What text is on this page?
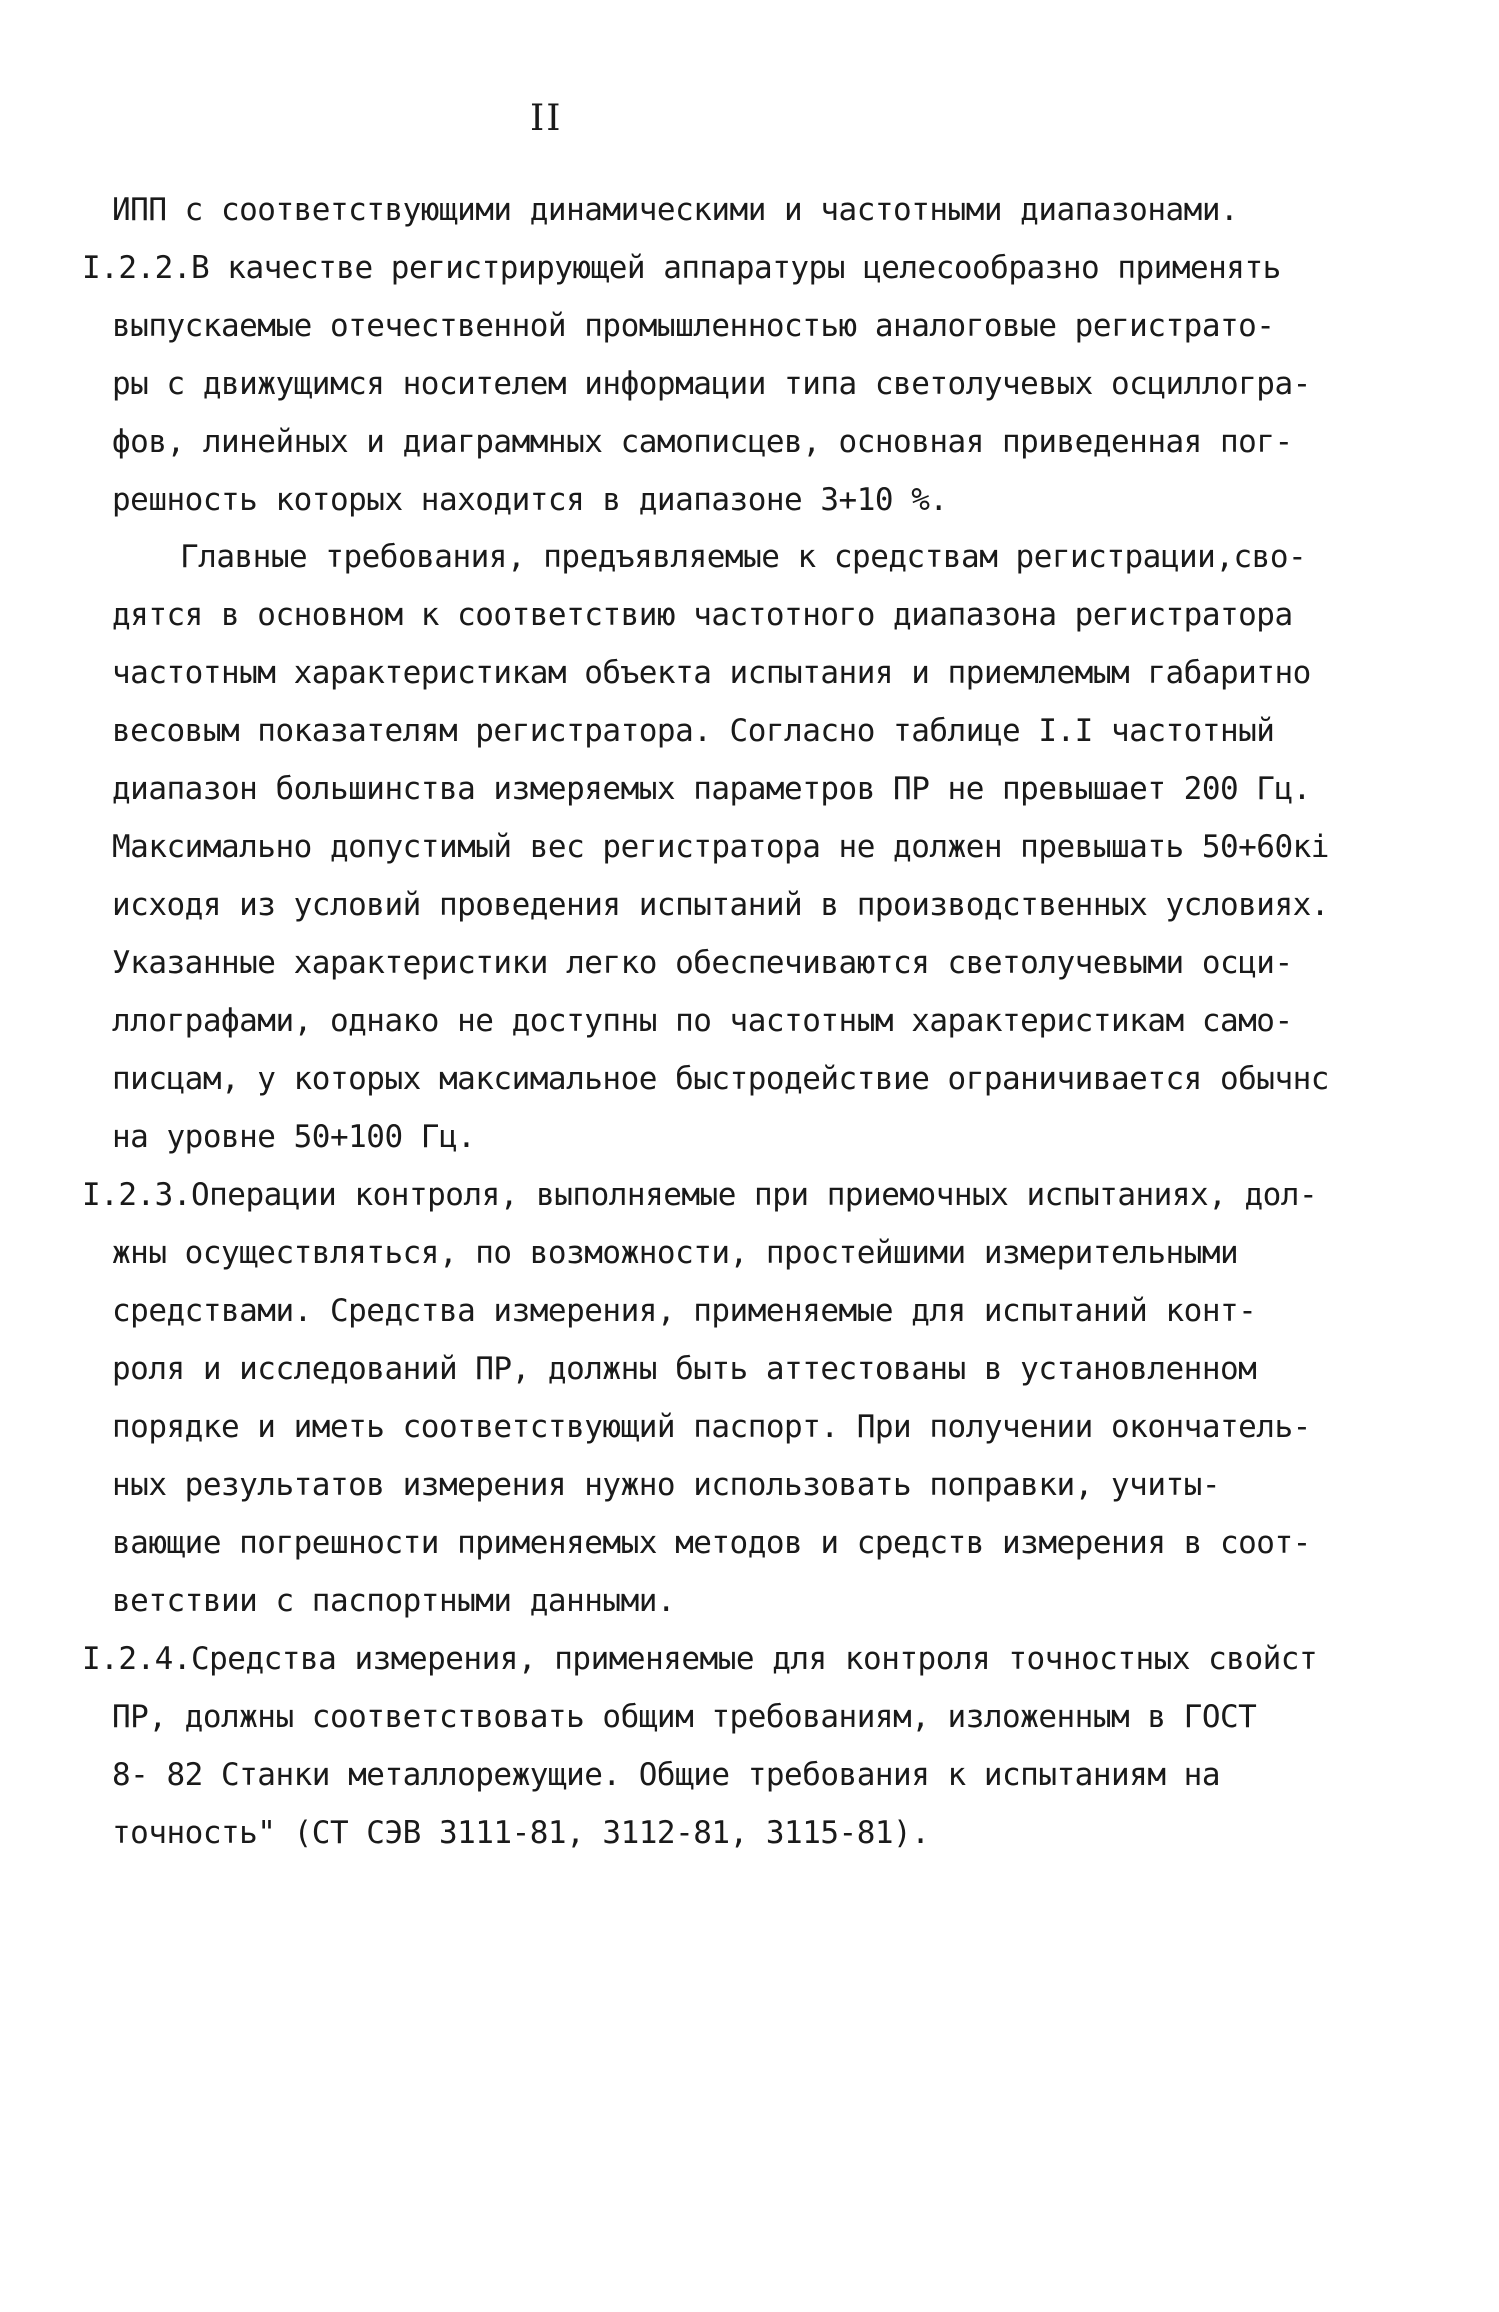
II
ИПП с соответствующими динамическими и частотными диапазонами.
I.2.2.В качестве регистрирующей аппаратуры целесообразно применять
выпускаемые отечественной промышленностью аналоговые регистрато-
ры с движущимся носителем информации типа светолучевых осциллогра-
фов, линейных и диаграммных самописцев, основная приведенная пог-
решность которых находится в диапазоне 3+10 %.
Главные требования, предъявляемые к средствам регистрации,сво-
дятся в основном к соответствию частотного диапазона регистратора
частотным характеристикам объекта испытания и приемлемым габаритно
весовым показателям регистратора. Согласно таблице I.I частотный
диапазон большинства измеряемых параметров ПР не превышает 200 Гц.
Максимально допустимый вес регистратора не должен превышать 50+60кі
исходя из условий проведения испытаний в производственных условиях.
Указанные характеристики легко обеспечиваются светолучевыми осци-
ллографами, однако не доступны по частотным характеристикам само-
писцам, у которых максимальное быстродействие ограничивается обычнс
на уровне 50+100 Гц.
I.2.3.Операции контроля, выполняемые при приемочных испытаниях, дол-
жны осуществляться, по возможности, простейшими измерительными
средствами. Средства измерения, применяемые для испытаний конт-
роля и исследований ПР, должны быть аттестованы в установленном
порядке и иметь соответствующий паспорт. При получении окончатель-
ных результатов измерения нужно использовать поправки, учиты-
вающие погрешности применяемых методов и средств измерения в соот-
ветствии с паспортными данными.
I.2.4.Средства измерения, применяемые для контроля точностных свойст
ПР, должны соответствовать общим требованиям, изложенным в ГОСТ
8- 82 Станки металлорежущие. Общие требования к испытаниям на
точность" (СТ СЭВ 3111-81, 3112-81, 3115-81).
